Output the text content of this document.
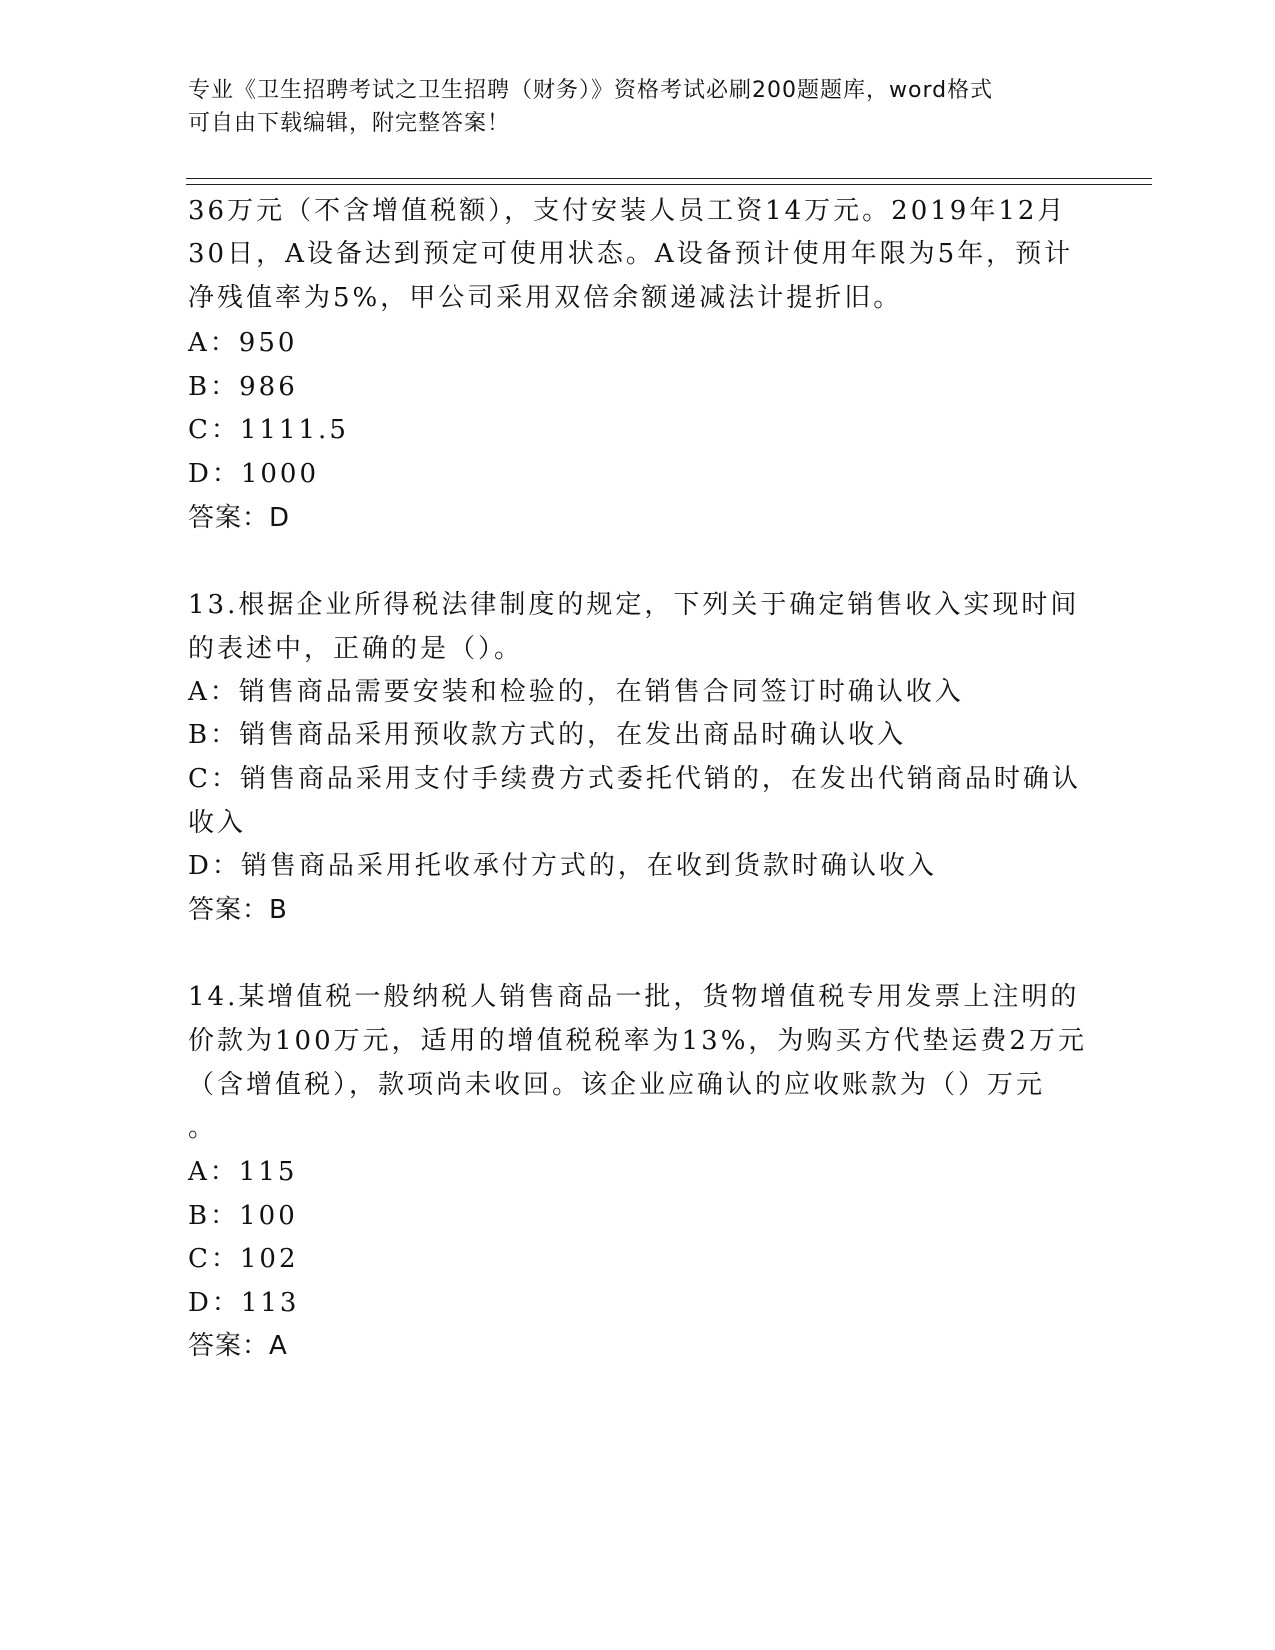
专业《卫生招聘考试之卫生招聘（财务）》资格考试必刷200题题库，word格式
可自由下载编辑，附完整答案！
36万元（不含增值税额），支付安装人员工资14万元。2019年12月
30日，A设备达到预定可使用状态。A设备预计使用年限为5年，预计
净残值率为5%，甲公司采用双倍余额递减法计提折旧。
A：950
B：986
C：1111.5
D：1000
答案：D
13.根据企业所得税法律制度的规定，下列关于确定销售收入实现时间
的表述中，正确的是（）。
A：销售商品需要安装和检验的，在销售合同签订时确认收入
B：销售商品采用预收款方式的，在发出商品时确认收入
C：销售商品采用支付手续费方式委托代销的，在发出代销商品时确认
收入
D：销售商品采用托收承付方式的，在收到货款时确认收入
答案：B
14.某增值税一般纳税人销售商品一批，货物增值税专用发票上注明的
价款为100万元，适用的增值税税率为13%，为购买方代垫运费2万元
（含增值税），款项尚未收回。该企业应确认的应收账款为（）万元
。
A：115
B：100
C：102
D：113
答案：A
